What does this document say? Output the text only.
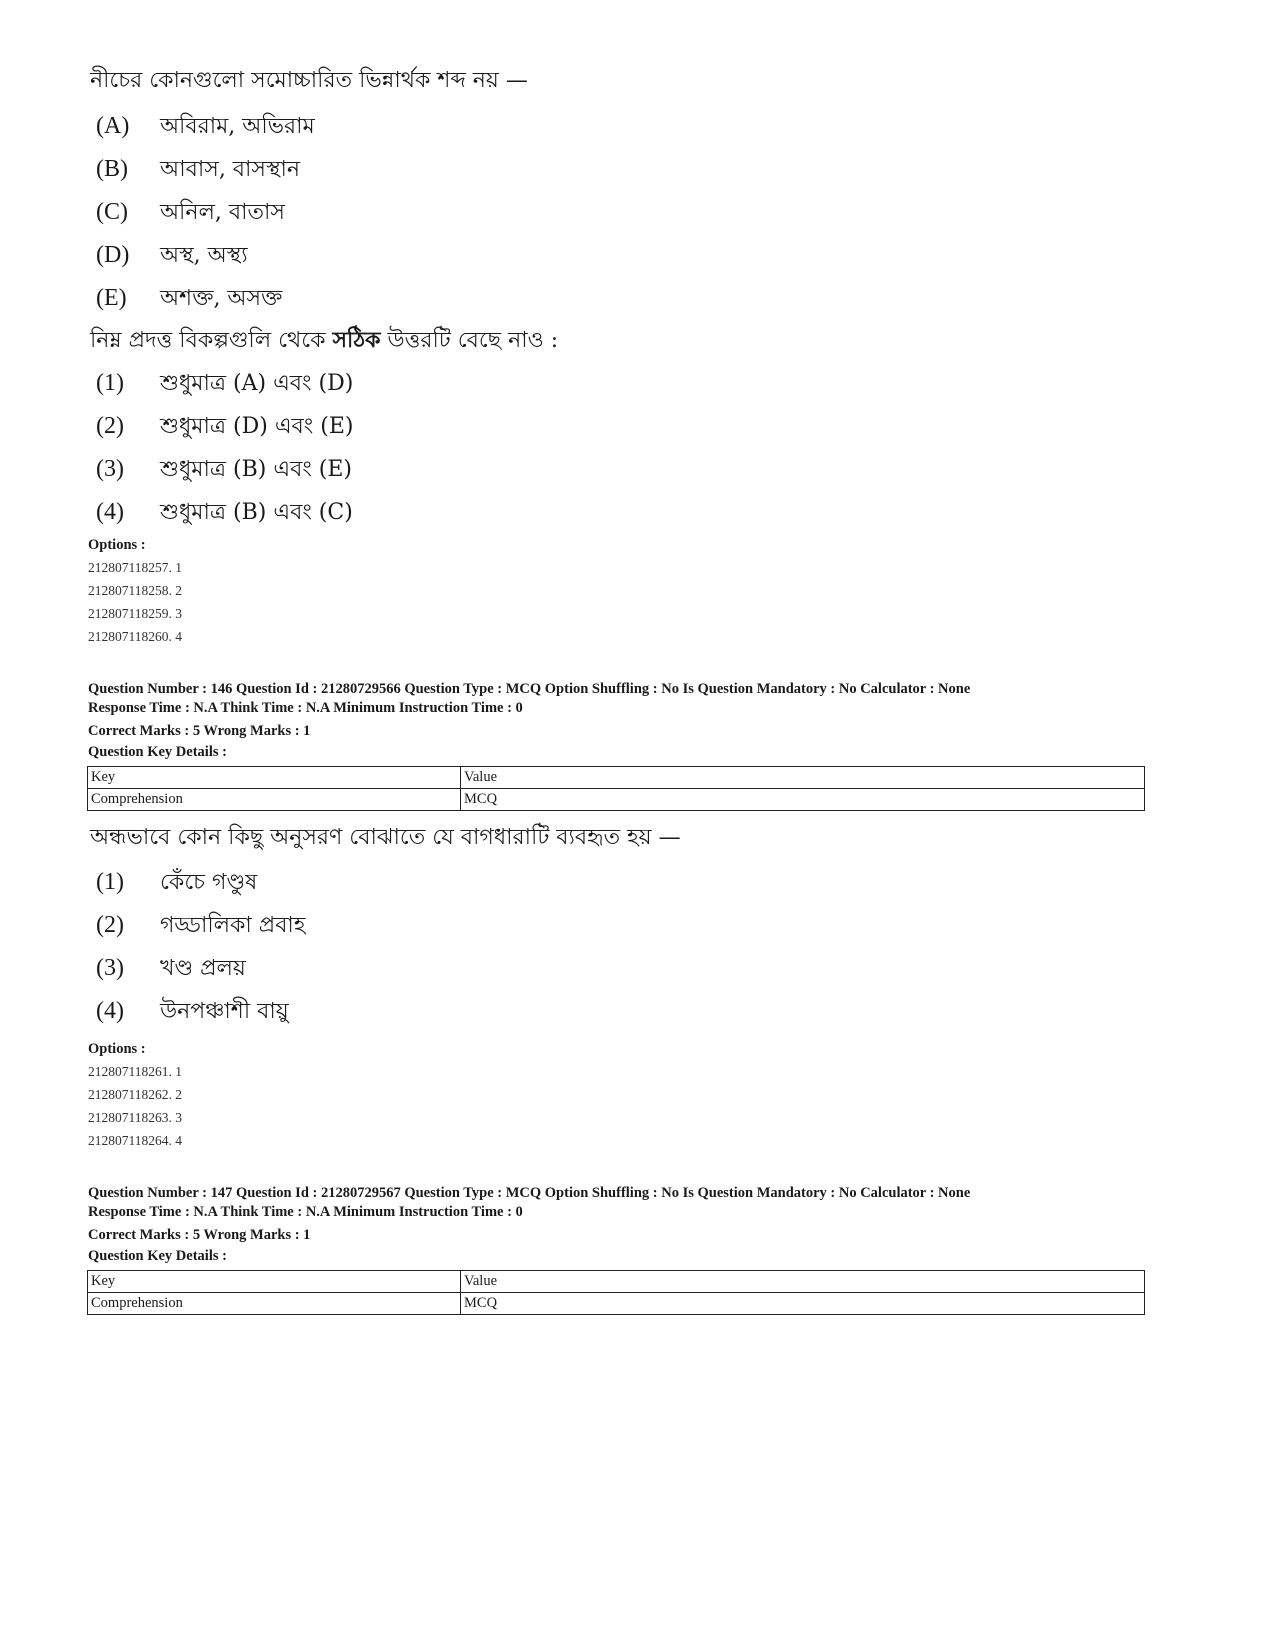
নীচের কোনগুলো সমোচ্চারিত ভিন্নার্থক শব্দ নয় —
(A) অবিরাম, অভিরাম
(B) আবাস, বাসস্থান
(C) অনিল, বাতাস
(D) অস্থ, অস্থ্য
(E) অশক্ত, অসক্ত
নিম্ন প্রদত্ত বিকল্পগুলি থেকে সঠিক উত্তরটি বেছে নাও :
(1) শুধুমাত্র (A) এবং (D)
(2) শুধুমাত্র (D) এবং (E)
(3) শুধুমাত্র (B) এবং (E)
(4) শুধুমাত্র (B) এবং (C)
Options :
212807118257. 1
212807118258. 2
212807118259. 3
212807118260. 4
Question Number : 146 Question Id : 21280729566 Question Type : MCQ Option Shuffling : No Is Question Mandatory : No Calculator : None
Response Time : N.A Think Time : N.A Minimum Instruction Time : 0
Correct Marks : 5 Wrong Marks : 1
Question Key Details :
Key	Value
Comprehension	MCQ
অন্ধভাবে কোন কিছু অনুসরণ বোঝাতে যে বাগধারাটি ব্যবহৃত হয় —
(1) কেঁচে গণ্ডুষ
(2) গড্ডালিকা প্রবাহ
(3) খণ্ড প্রলয়
(4) উনপঞ্চাশী বায়ু
Options :
212807118261. 1
212807118262. 2
212807118263. 3
212807118264. 4
Question Number : 147 Question Id : 21280729567 Question Type : MCQ Option Shuffling : No Is Question Mandatory : No Calculator : None
Response Time : N.A Think Time : N.A Minimum Instruction Time : 0
Correct Marks : 5 Wrong Marks : 1
Question Key Details :
Key	Value
Comprehension	MCQ
